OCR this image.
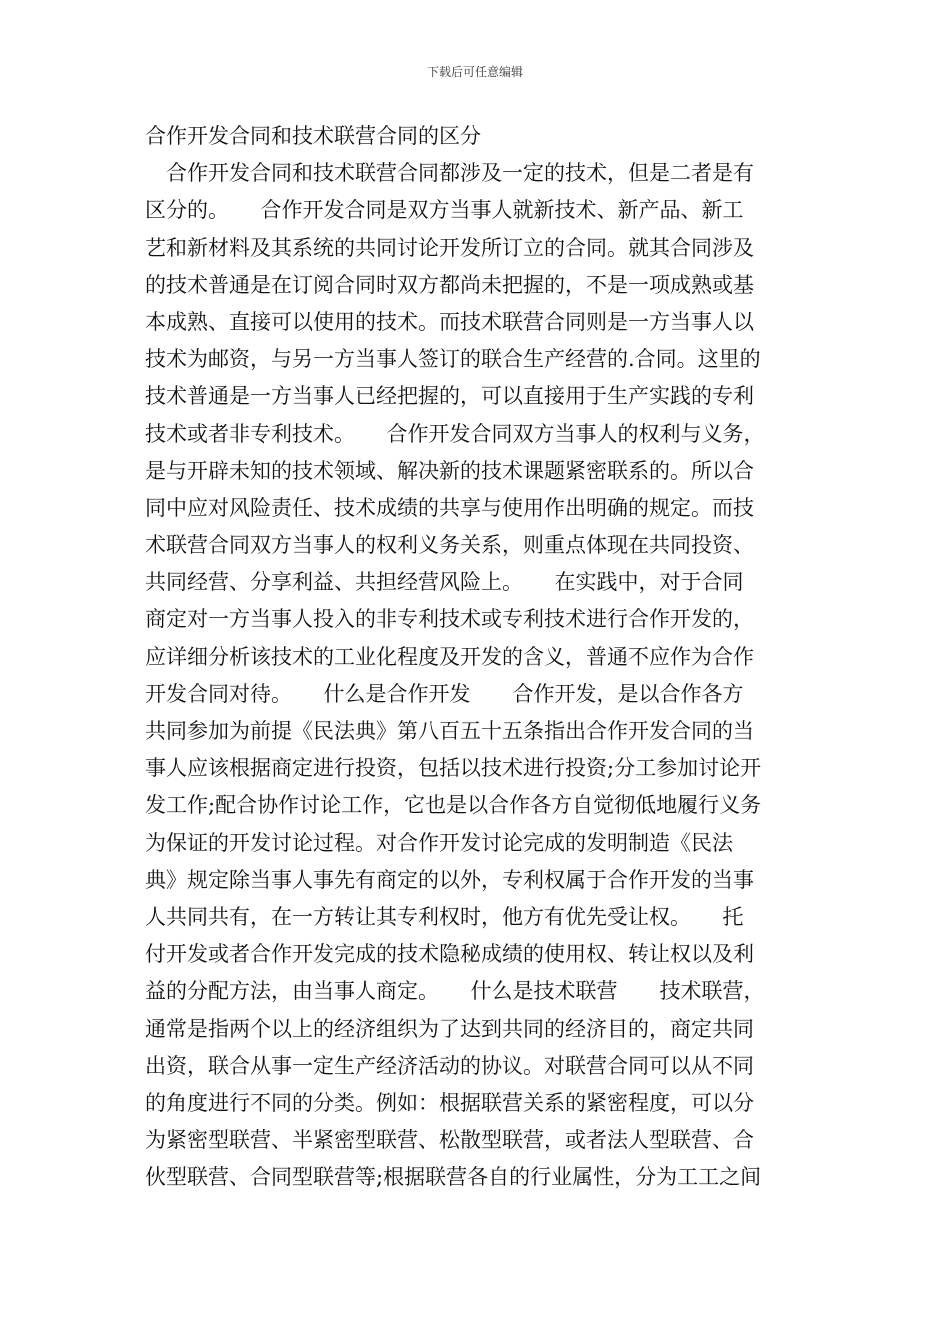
下载后可任意编辑
合作开发合同和技术联营合同的区分
　合作开发合同和技术联营合同都涉及一定的技术，但是二者是有
区分的。　　合作开发合同是双方当事人就新技术、新产品、新工
艺和新材料及其系统的共同讨论开发所订立的合同。就其合同涉及
的技术普通是在订阅合同时双方都尚未把握的，不是一项成熟或基
本成熟、直接可以使用的技术。而技术联营合同则是一方当事人以
技术为邮资，与另一方当事人签订的联合生产经营的.合同。这里的
技术普通是一方当事人已经把握的，可以直接用于生产实践的专利
技术或者非专利技术。　　合作开发合同双方当事人的权利与义务，
是与开辟未知的技术领域、解决新的技术课题紧密联系的。所以合
同中应对风险责任、技术成绩的共享与使用作出明确的规定。而技
术联营合同双方当事人的权利义务关系，则重点体现在共同投资、
共同经营、分享利益、共担经营风险上。　　在实践中，对于合同
商定对一方当事人投入的非专利技术或专利技术进行合作开发的，
应详细分析该技术的工业化程度及开发的含义，普通不应作为合作
开发合同对待。　　什么是合作开发　　合作开发，是以合作各方
共同参加为前提《民法典》第八百五十五条指出合作开发合同的当
事人应该根据商定进行投资，包括以技术进行投资;分工参加讨论开
发工作;配合协作讨论工作，它也是以合作各方自觉彻低地履行义务
为保证的开发讨论过程。对合作开发讨论完成的发明制造《民法
典》规定除当事人事先有商定的以外，专利权属于合作开发的当事
人共同共有，在一方转让其专利权时，他方有优先受让权。　　托
付开发或者合作开发完成的技术隐秘成绩的使用权、转让权以及利
益的分配方法，由当事人商定。　　什么是技术联营　　技术联营，
通常是指两个以上的经济组织为了达到共同的经济目的，商定共同
出资，联合从事一定生产经济活动的协议。对联营合同可以从不同
的角度进行不同的分类。例如：根据联营关系的紧密程度，可以分
为紧密型联营、半紧密型联营、松散型联营，或者法人型联营、合
伙型联营、合同型联营等;根据联营各自的行业属性，分为工工之间
